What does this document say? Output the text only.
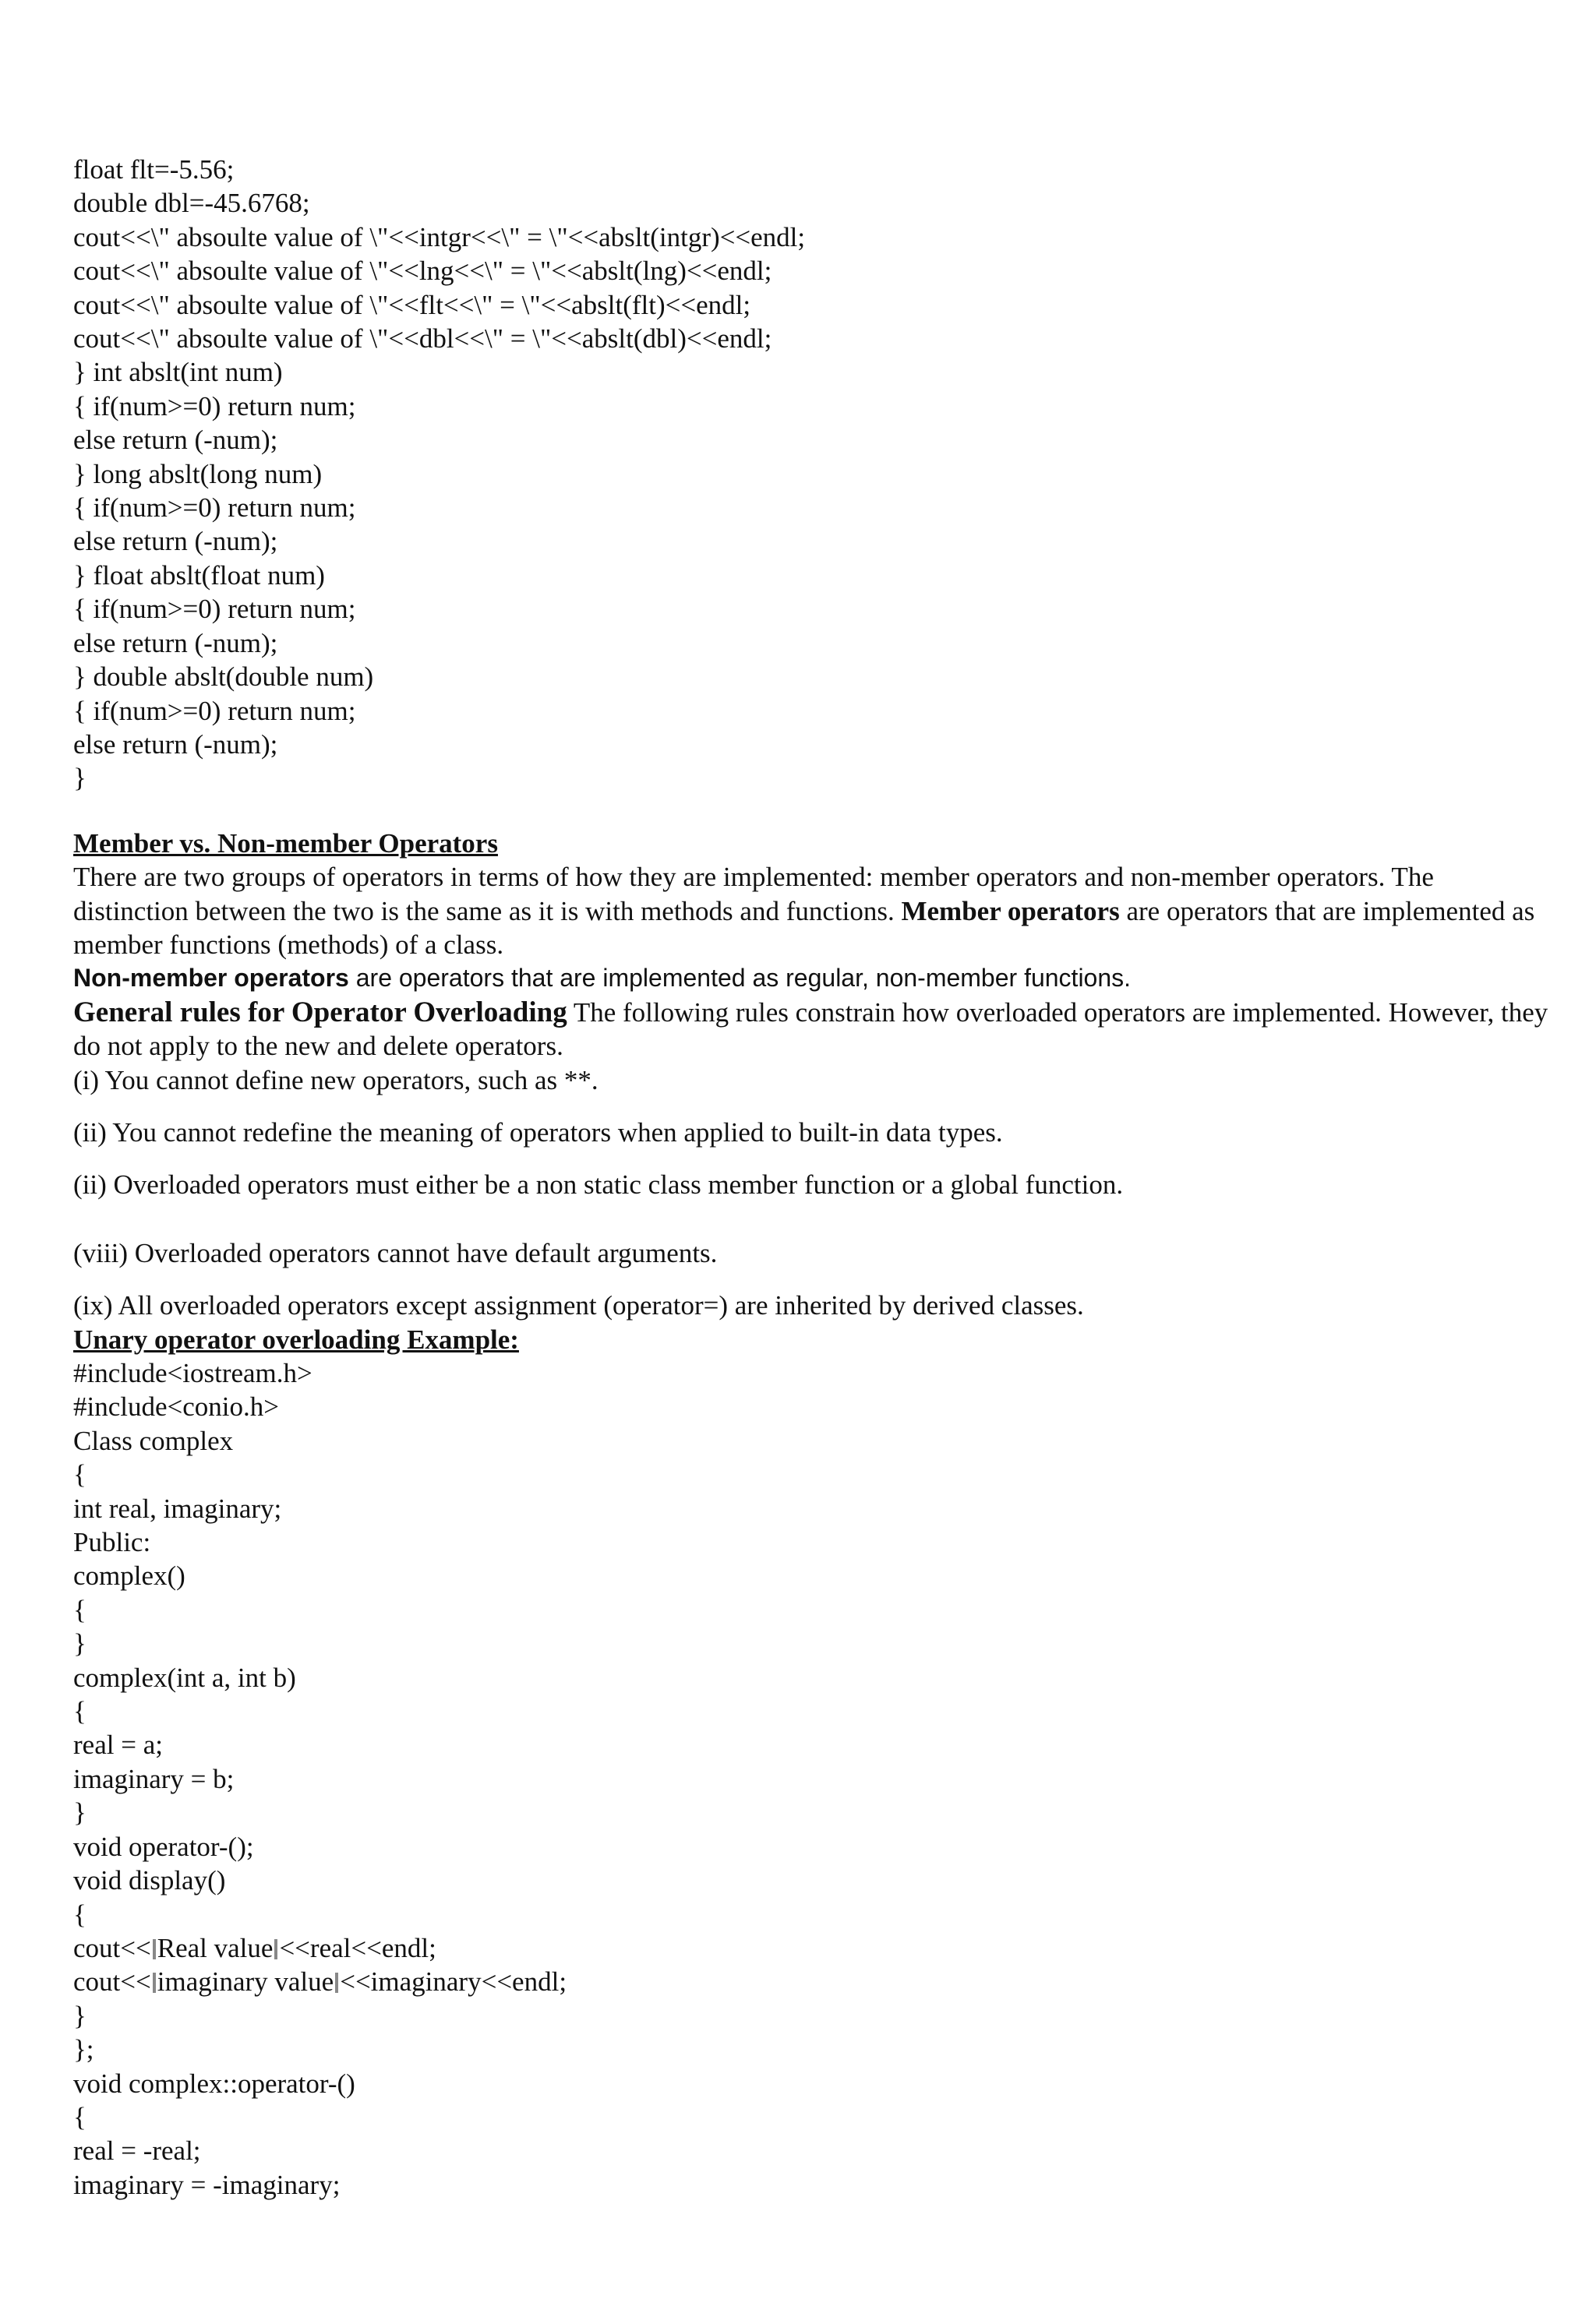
float flt=-5.56;
double dbl=-45.6768;
cout<<\" absoulte value of \"<<intgr<<\" = \"<<abslt(intgr)<<endl;
cout<<\" absoulte value of \"<<lng<<\" = \"<<abslt(lng)<<endl;
cout<<\" absoulte value of \"<<flt<<\" = \"<<abslt(flt)<<endl;
cout<<\" absoulte value of \"<<dbl<<\" = \"<<abslt(dbl)<<endl;
} int abslt(int num)
{ if(num>=0) return num;
else return (-num);
} long abslt(long num)
{ if(num>=0) return num;
else return (-num);
} float abslt(float num)
{ if(num>=0) return num;
else return (-num);
} double abslt(double num)
{ if(num>=0) return num;
else return (-num);
}
Member vs. Non-member Operators
There are two groups of operators in terms of how they are implemented: member operators and non-member operators. The distinction between the two is the same as it is with methods and functions. Member operators are operators that are implemented as member functions (methods) of a class.
Non-member operators are operators that are implemented as regular, non-member functions.
General rules for Operator Overloading The following rules constrain how overloaded operators are implemented. However, they do not apply to the new and delete operators.
(i) You cannot define new operators, such as **.
(ii) You cannot redefine the meaning of operators when applied to built-in data types.
(ii) Overloaded operators must either be a non static class member function or a global function.
(viii) Overloaded operators cannot have default arguments.
(ix) All overloaded operators except assignment (operator=) are inherited by derived classes.
Unary operator overloading Example:
#include<iostream.h>
#include<conio.h>
Class complex
{
int real, imaginary;
Public:
complex()
{
}
complex(int a, int b)
{
real = a;
imaginary = b;
}
void operator-();
void display()
{
cout<< Real value <<real<<endl;
cout<< imaginary value <<imaginary<<endl;
}
};
void complex::operator-()
{
real = -real;
imaginary = -imaginary;
